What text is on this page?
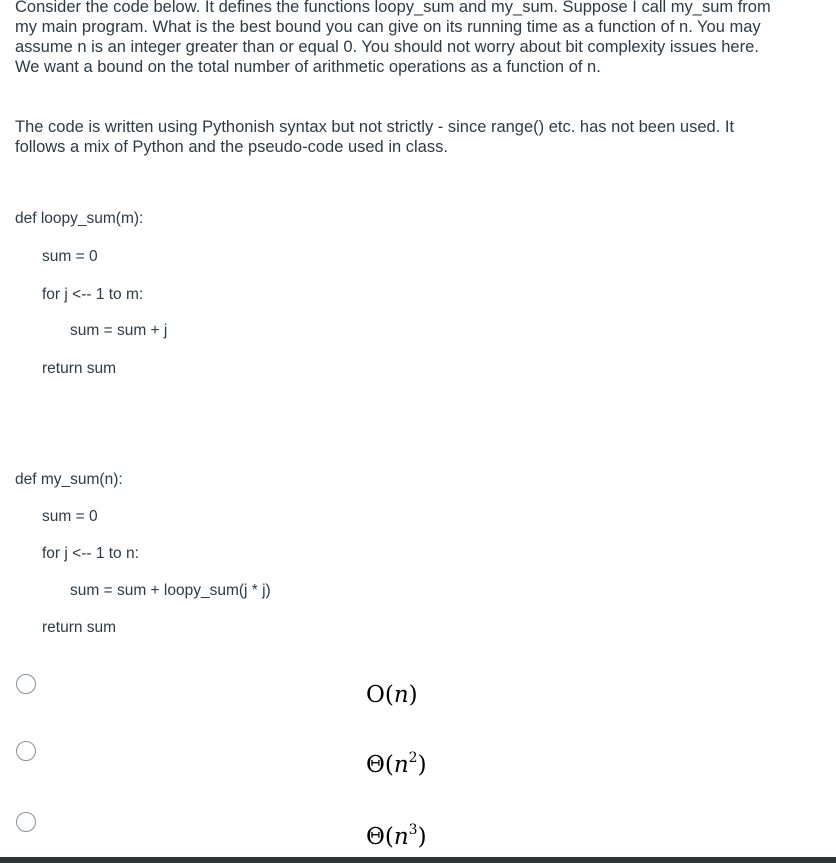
Consider the code below. It defines the functions loopy_sum and my_sum. Suppose I call my_sum from my main program. What is the best bound you can give on its running time as a function of n. You may assume n is an integer greater than or equal 0. You should not worry about bit complexity issues here. We want a bound on the total number of arithmetic operations as a function of n.

The code is written using Pythonish syntax but not strictly - since range() etc. has not been used. It follows a mix of Python and the pseudo-code used in class.

def loopy_sum(m):
sum = 0
for j <-- 1 to m:
sum = sum + j
return sum
def my_sum(n):
sum = 0
for j <-- 1 to n:
sum = sum + loopy_sum(j * j)
return sum
O(n)
$\Theta(n^2)$
$\Theta(n^3)$
